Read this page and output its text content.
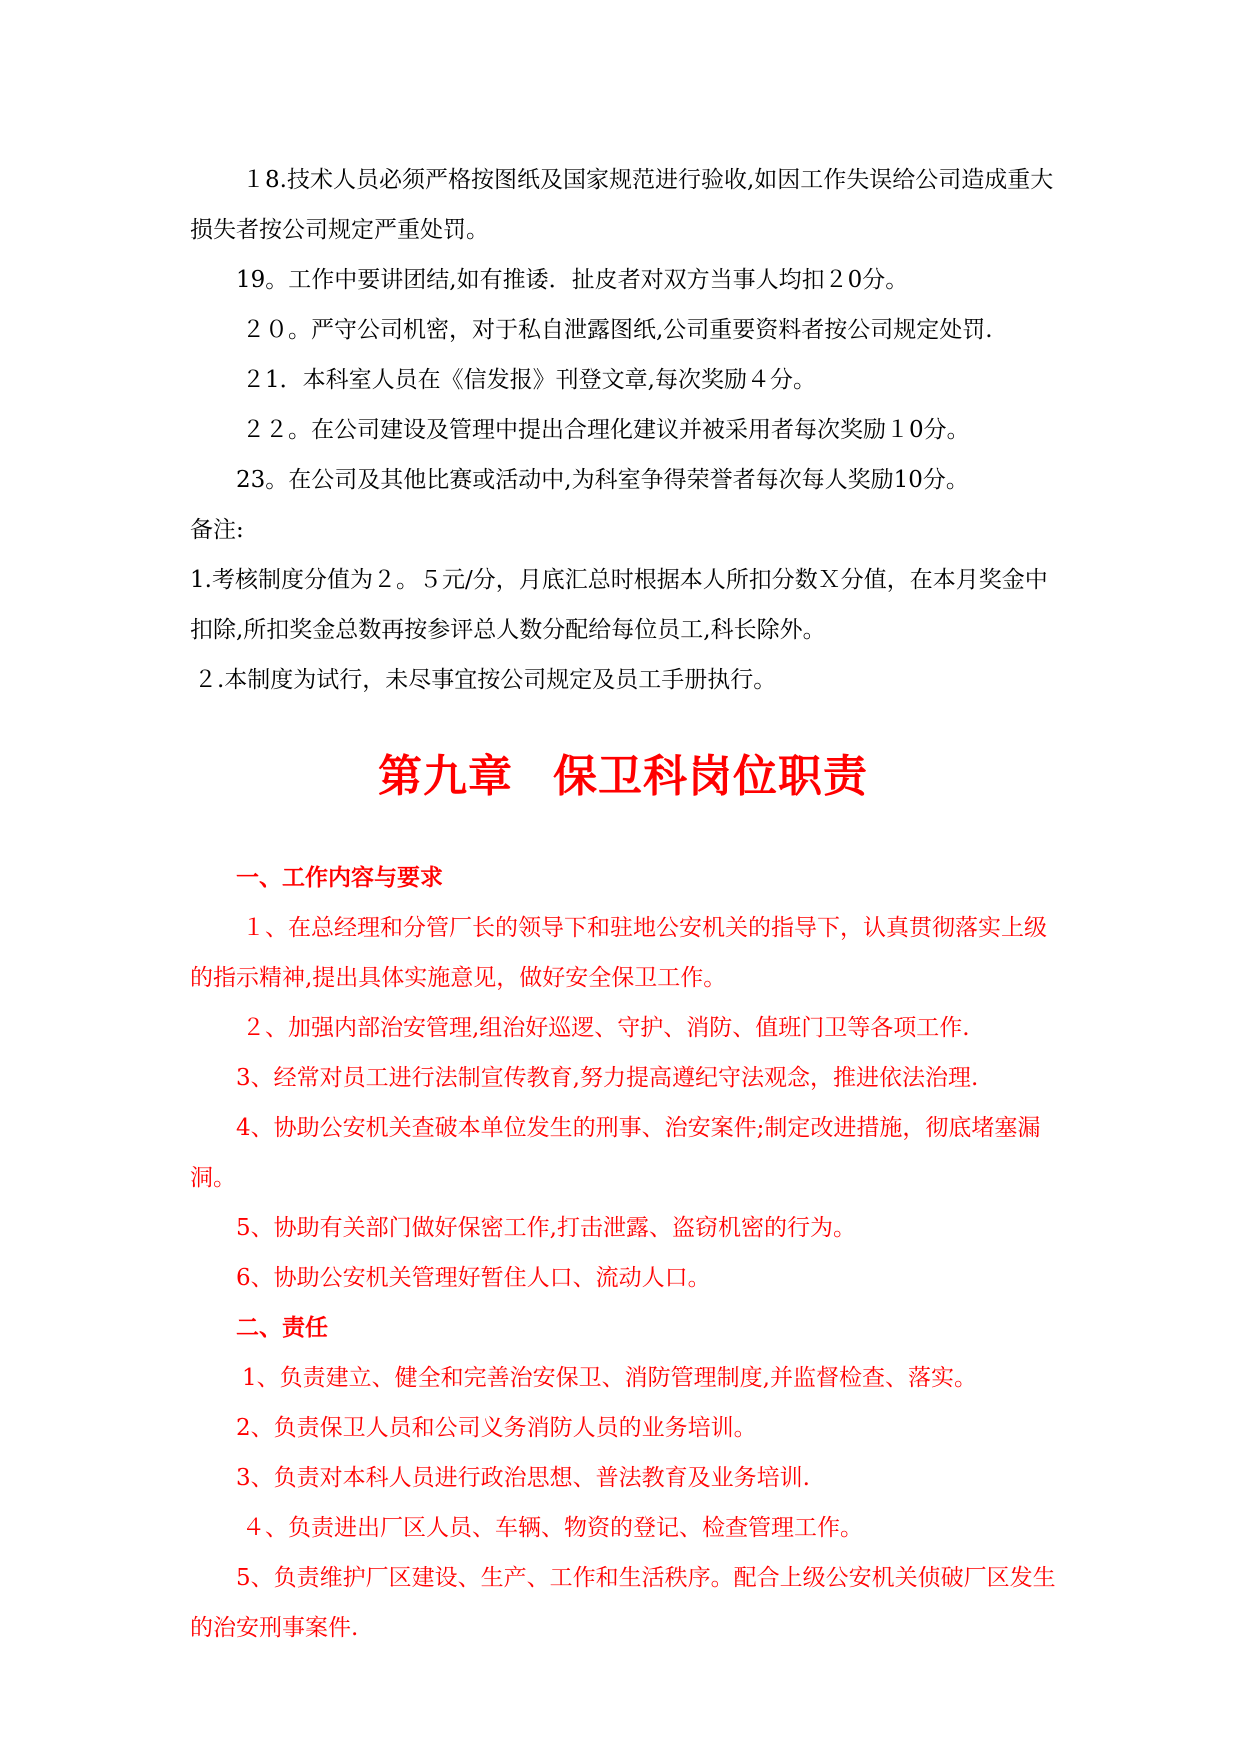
１8.技术人员必须严格按图纸及国家规范进行验收,如因工作失误给公司造成重大损失者按公司规定严重处罚。

19。工作中要讲团结,如有推诿．扯皮者对双方当事人均扣２0分。

２０。严守公司机密，对于私自泄露图纸,公司重要资料者按公司规定处罚.

２1．本科室人员在《信发报》刊登文章,每次奖励４分。

２２。在公司建设及管理中提出合理化建议并被采用者每次奖励１0分。

23。在公司及其他比赛或活动中,为科室争得荣誉者每次每人奖励10分。

备注:

1.考核制度分值为２。５元/分，月底汇总时根据本人所扣分数Ｘ分值，在本月奖金中扣除,所扣奖金总数再按参评总人数分配给每位员工,科长除外。

２.本制度为试行，未尽事宜按公司规定及员工手册执行。

第九章 保卫科岗位职责

一、工作内容与要求

１、在总经理和分管厂长的领导下和驻地公安机关的指导下，认真贯彻落实上级的指示精神,提出具体实施意见，做好安全保卫工作。

２、加强内部治安管理,组治好巡逻、守护、消防、值班门卫等各项工作.

3、经常对员工进行法制宣传教育,努力提高遵纪守法观念，推进依法治理.

4、协助公安机关查破本单位发生的刑事、治安案件;制定改进措施，彻底堵塞漏洞。

5、协助有关部门做好保密工作,打击泄露、盗窃机密的行为。

6、协助公安机关管理好暂住人口、流动人口。

二、责任

1、负责建立、健全和完善治安保卫、消防管理制度,并监督检查、落实。

2、负责保卫人员和公司义务消防人员的业务培训。

3、负责对本科人员进行政治思想、普法教育及业务培训.

４、负责进出厂区人员、车辆、物资的登记、检查管理工作。

5、负责维护厂区建设、生产、工作和生活秩序。配合上级公安机关侦破厂区发生的治安刑事案件.
